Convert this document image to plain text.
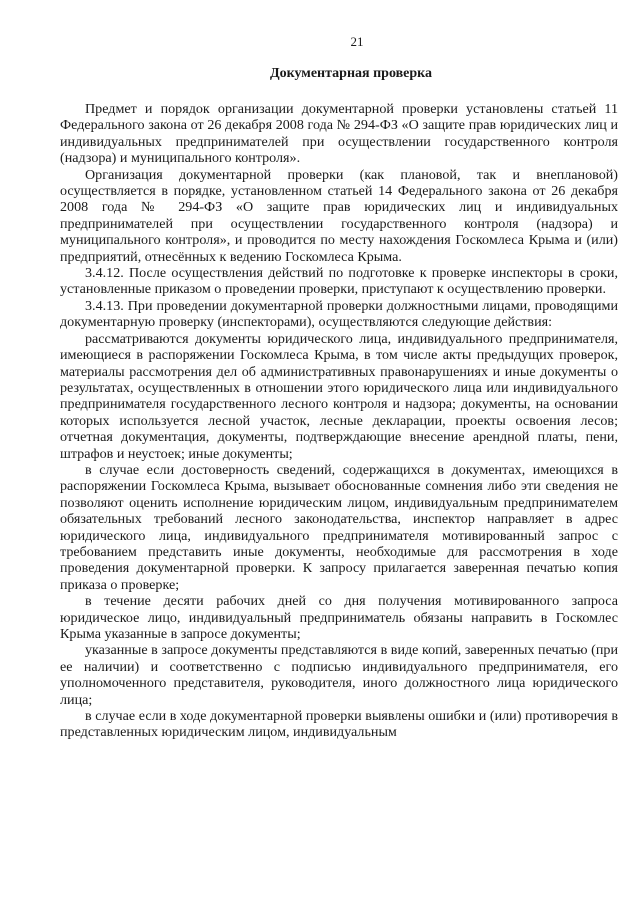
21
Документарная проверка

Предмет и порядок организации документарной проверки установлены статьей 11 Федерального закона от 26 декабря 2008 года № 294-ФЗ «О защите прав юридических лиц и индивидуальных предпринимателей при осуществлении государственного контроля (надзора) и муниципального контроля».

Организация документарной проверки (как плановой, так и внеплановой) осуществляется в порядке, установленном статьей 14 Федерального закона от 26 декабря 2008 года № 294-ФЗ «О защите прав юридических лиц и индивидуальных предпринимателей при осуществлении государственного контроля (надзора) и муниципального контроля», и проводится по месту нахождения Госкомлеса Крыма и (или) предприятий, отнесённых к ведению Госкомлеса Крыма.

3.4.12. После осуществления действий по подготовке к проверке инспекторы в сроки, установленные приказом о проведении проверки, приступают к осуществлению проверки.

3.4.13. При проведении документарной проверки должностными лицами, проводящими документарную проверку (инспекторами), осуществляются следующие действия:

рассматриваются документы юридического лица, индивидуального предпринимателя, имеющиеся в распоряжении Госкомлеса Крыма, в том числе акты предыдущих проверок, материалы рассмотрения дел об административных правонарушениях и иные документы о результатах, осуществленных в отношении этого юридического лица или индивидуального предпринимателя государственного лесного контроля и надзора; документы, на основании которых используется лесной участок, лесные декларации, проекты освоения лесов; отчетная документация, документы, подтверждающие внесение арендной платы, пени, штрафов и неустоек; иные документы;

в случае если достоверность сведений, содержащихся в документах, имеющихся в распоряжении Госкомлеса Крыма, вызывает обоснованные сомнения либо эти сведения не позволяют оценить исполнение юридическим лицом, индивидуальным предпринимателем обязательных требований лесного законодательства, инспектор направляет в адрес юридического лица, индивидуального предпринимателя мотивированный запрос с требованием представить иные документы, необходимые для рассмотрения в ходе проведения документарной проверки. К запросу прилагается заверенная печатью копия приказа о проверке;

в течение десяти рабочих дней со дня получения мотивированного запроса юридическое лицо, индивидуальный предприниматель обязаны направить в Госкомлес Крыма указанные в запросе документы;

указанные в запросе документы представляются в виде копий, заверенных печатью (при ее наличии) и соответственно с подписью индивидуального предпринимателя, его уполномоченного представителя, руководителя, иного должностного лица юридического лица;

в случае если в ходе документарной проверки выявлены ошибки и (или) противоречия в представленных юридическим лицом, индивидуальным
